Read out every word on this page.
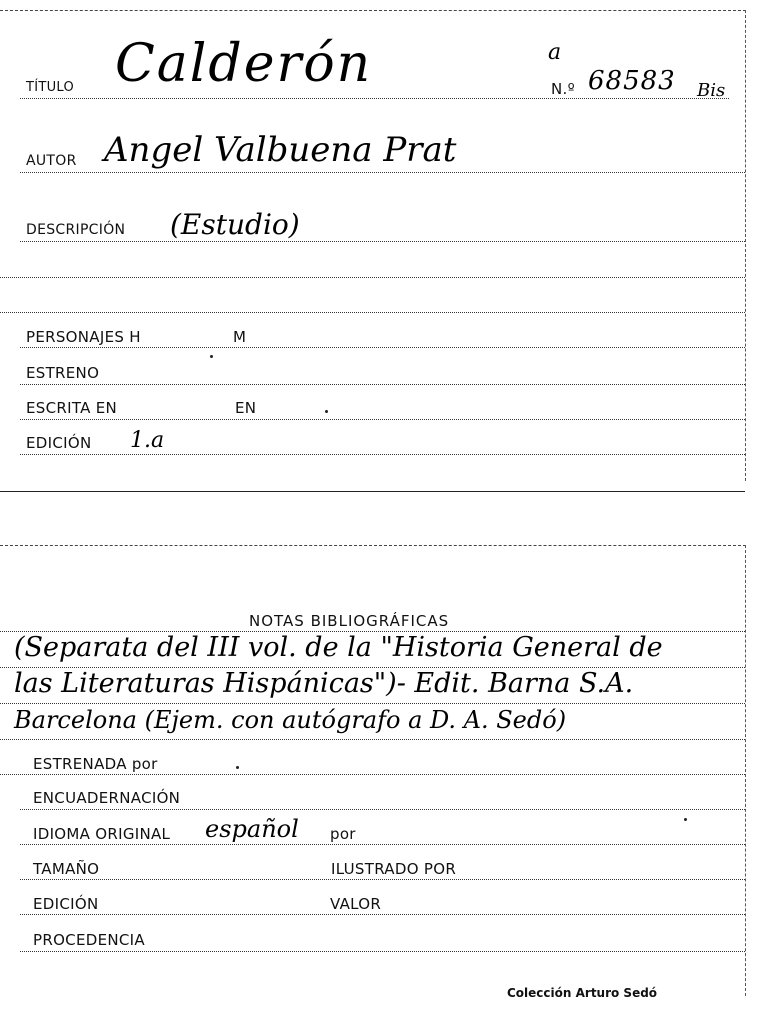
TÍTULO Calderón	a
N.º 68583 Bis
AUTOR Angel Valbuena Prat
DESCRIPCIÓN (Estudio)
PERSONAJES H	M
ESTRENO
ESCRITA EN	EN
EDICIÓN 1.a
NOTAS BIBLIOGRÁFICAS
(Separata del III vol. de la "Historia General de
las Literaturas Hispánicas")- Edit. Barna S.A.
Barcelona (Ejem. con autógrafo a D. A. Sedó)
ESTRENADA por
ENCUADERNACIÓN
IDIOMA ORIGINAL español por
TAMAÑO	ILUSTRADO POR
EDICIÓN	VALOR
PROCEDENCIA
Colección Arturo Sedó
